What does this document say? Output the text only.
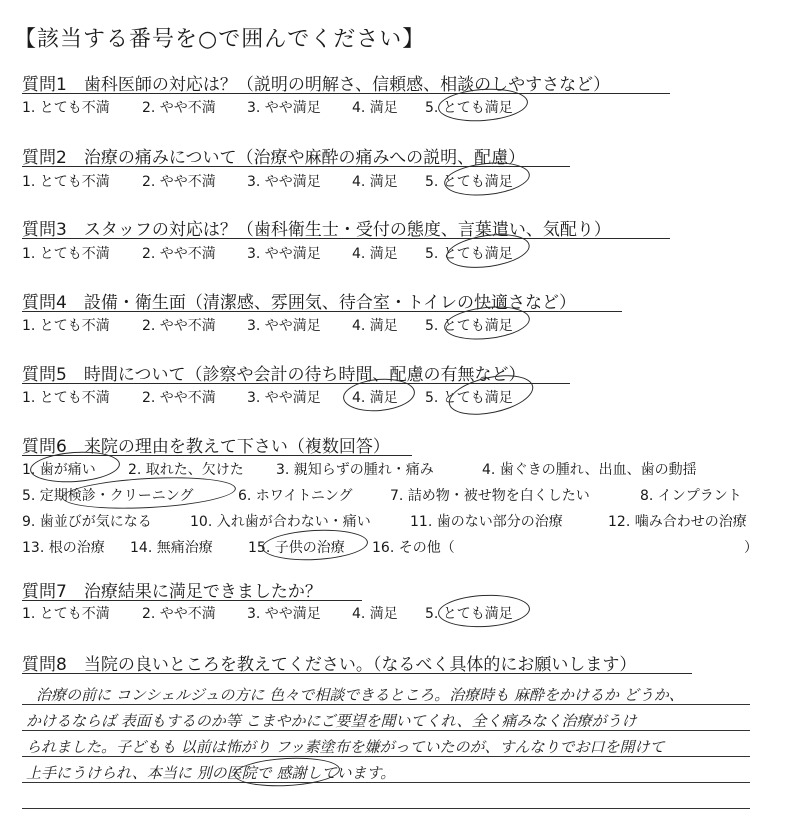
【該当する番号を○で囲んでください】
質問1　歯科医師の対応は？（説明の明解さ、信頼感、相談のしやすさなど）
1. とても不満 2. やや不満 3. やや満足 4. 満足 5. とても満足
質問2　治療の痛みについて（治療や麻酔の痛みへの説明、配慮）
1. とても不満 2. やや不満 3. やや満足 4. 満足 5. とても満足
質問3　スタッフの対応は？（歯科衛生士・受付の態度、言葉遣い、気配り）
1. とても不満 2. やや不満 3. やや満足 4. 満足 5. とても満足
質問4　設備・衛生面（清潔感、雰囲気、待合室・トイレの快適さなど）
1. とても不満 2. やや不満 3. やや満足 4. 満足 5. とても満足
質問5　時間について（診察や会計の待ち時間、配慮の有無など）
1. とても不満 2. やや不満 3. やや満足 4. 満足 5. とても満足
質問6　来院の理由を教えて下さい（複数回答）
1. 歯が痛い 2. 取れた、欠けた 3. 親知らずの腫れ・痛み	4. 歯ぐきの腫れ、出血、歯の動揺
5. 定期検診・クリーニング	6. ホワイトニング	7. 詰め物・被せ物を白くしたい	8. インプラント
9. 歯並びが気になる	10. 入れ歯が合わない・痛い	11. 歯のない部分の治療	12. 噛み合わせの治療
13. 根の治療 14. 無痛治療	15. 子供の治療 16. その他（	）
質問7　治療結果に満足できましたか？
1. とても不満 2. やや不満 3. やや満足 4. 満足 5. とても満足
質問8　当院の良いところを教えてください。（なるべく具体的にお願いします）
治療の前に コンシェルジュの方に 色々で相談できるところ。治療時も 麻酔をかけるか どうか、
かけるならば 表面もするのか等 こまやかにご要望を聞いてくれ、全く痛みなく治療がうけ
られました。子どもも 以前は怖がり フッ素塗布を嫌がっていたのが、すんなりでお口を開けて
上手にうけられ、本当に 別の医院で 感謝しています。
